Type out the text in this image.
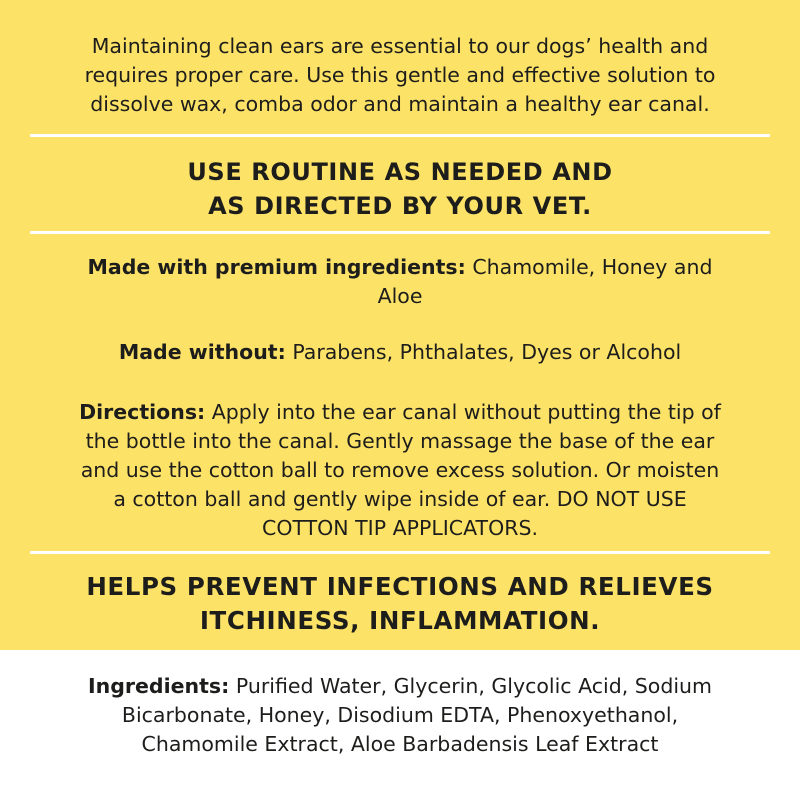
Maintaining clean ears are essential to our dogs’ health and
requires proper care. Use this gentle and effective solution to
dissolve wax, comba odor and maintain a healthy ear canal.
USE ROUTINE AS NEEDED AND
AS DIRECTED BY YOUR VET.
Made with premium ingredients: Chamomile, Honey and
Aloe
Made without: Parabens, Phthalates, Dyes or Alcohol
Directions: Apply into the ear canal without putting the tip of
the bottle into the canal. Gently massage the base of the ear
and use the cotton ball to remove excess solution. Or moisten
a cotton ball and gently wipe inside of ear. DO NOT USE
COTTON TIP APPLICATORS.
HELPS PREVENT INFECTIONS AND RELIEVES
ITCHINESS, INFLAMMATION.
Ingredients: Purified Water, Glycerin, Glycolic Acid, Sodium
Bicarbonate, Honey, Disodium EDTA, Phenoxyethanol,
Chamomile Extract, Aloe Barbadensis Leaf Extract
